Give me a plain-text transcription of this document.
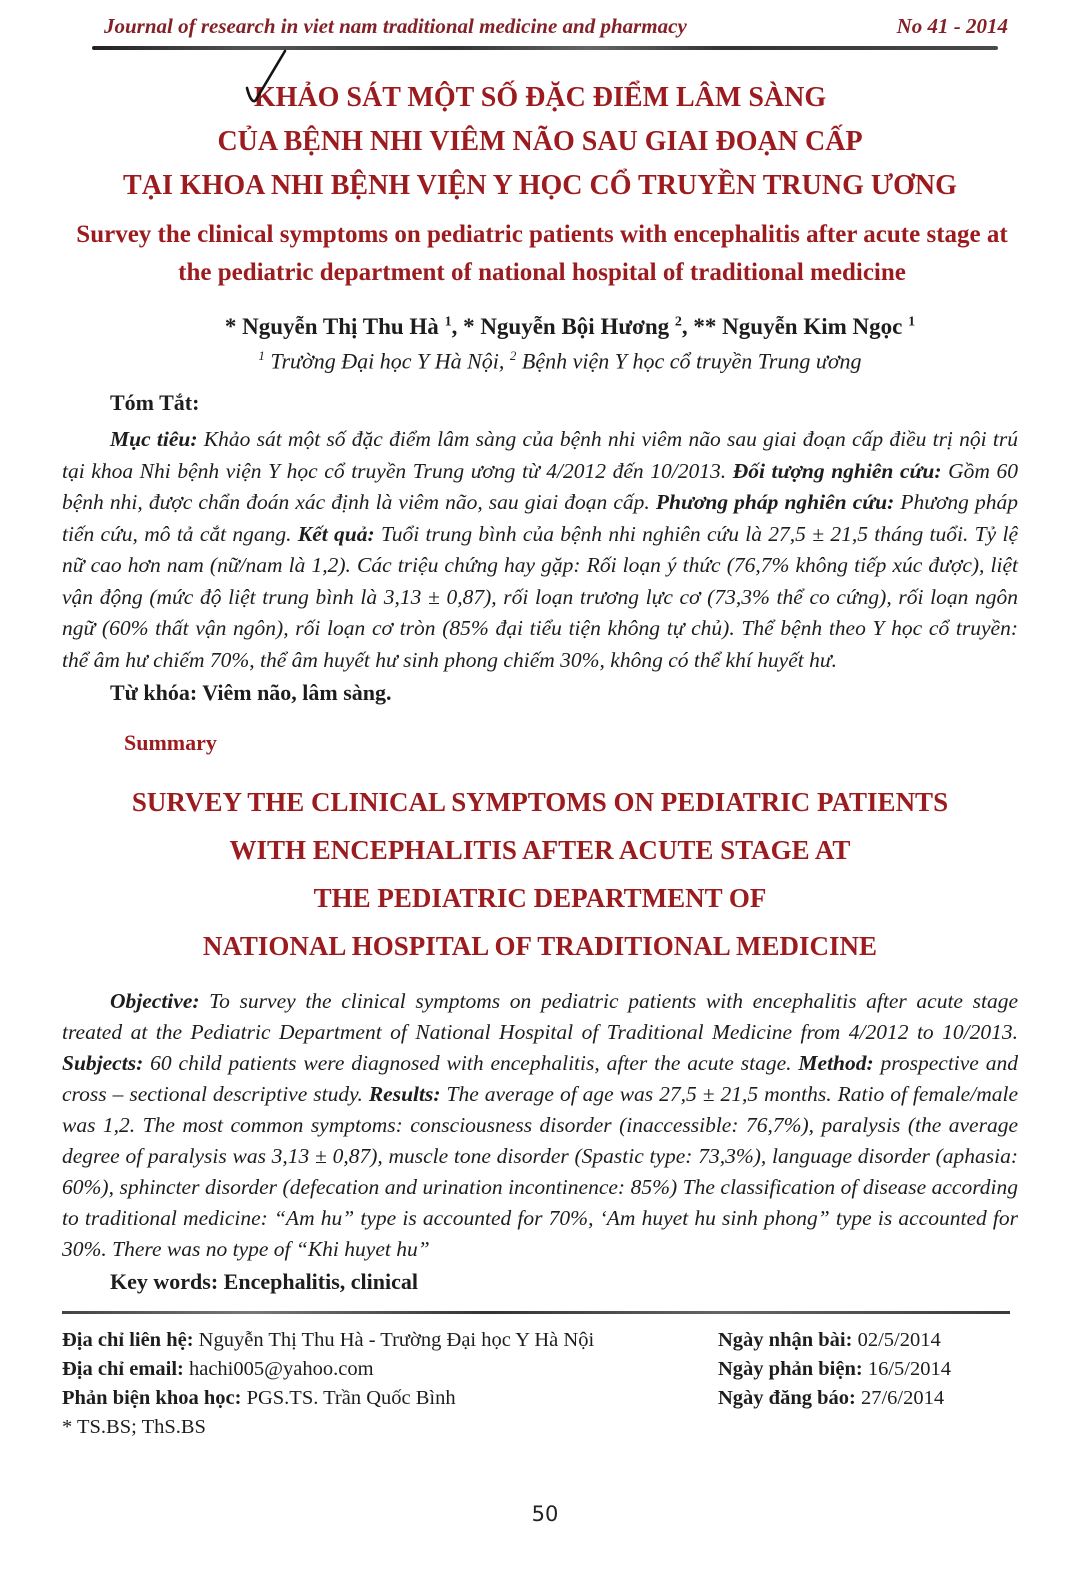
Journal of research in viet nam traditional medicine and pharmacy	No 41 - 2014
KHẢO SÁT MỘT SỐ ĐẶC ĐIỂM LÂM SÀNG
CỦA BỆNH NHI VIÊM NÃO SAU GIAI ĐOẠN CẤP
TẠI KHOA NHI BỆNH VIỆN Y HỌC CỔ TRUYỀN TRUNG ƯƠNG
Survey the clinical symptoms on pediatric patients with encephalitis after acute stage at the pediatric department of national hospital of traditional medicine
* Nguyễn Thị Thu Hà $^1$, * Nguyễn Bội Hương $^2$, ** Nguyễn Kim Ngọc $^1$
$^1$ Trường Đại học Y Hà Nội, $^2$ Bệnh viện Y học cổ truyền Trung ương
Tóm Tắt:

Mục tiêu: Khảo sát một số đặc điểm lâm sàng của bệnh nhi viêm não sau giai đoạn cấp điều trị nội trú tại khoa Nhi bệnh viện Y học cổ truyền Trung ương từ 4/2012 đến 10/2013. Đối tượng nghiên cứu: Gồm 60 bệnh nhi, được chẩn đoán xác định là viêm não, sau giai đoạn cấp. Phương pháp nghiên cứu: Phương pháp tiến cứu, mô tả cắt ngang. Kết quả: Tuổi trung bình của bệnh nhi nghiên cứu là 27,5 ± 21,5 tháng tuổi. Tỷ lệ nữ cao hơn nam (nữ/nam là 1,2). Các triệu chứng hay gặp: Rối loạn ý thức (76,7% không tiếp xúc được), liệt vận động (mức độ liệt trung bình là 3,13 ± 0,87), rối loạn trương lực cơ (73,3% thể co cứng), rối loạn ngôn ngữ (60% thất vận ngôn), rối loạn cơ tròn (85% đại tiểu tiện không tự chủ). Thể bệnh theo Y học cổ truyền: thể âm hư chiếm 70%, thể âm huyết hư sinh phong chiếm 30%, không có thể khí huyết hư.

Từ khóa: Viêm não, lâm sàng.
Summary
SURVEY THE CLINICAL SYMPTOMS ON PEDIATRIC PATIENTS
WITH ENCEPHALITIS AFTER ACUTE STAGE AT
THE PEDIATRIC DEPARTMENT OF
NATIONAL HOSPITAL OF TRADITIONAL MEDICINE

Objective: To survey the clinical symptoms on pediatric patients with encephalitis after acute stage treated at the Pediatric Department of National Hospital of Traditional Medicine from 4/2012 to 10/2013. Subjects: 60 child patients were diagnosed with encephalitis, after the acute stage. Method: prospective and cross – sectional descriptive study. Results: The average of age was 27,5 ± 21,5 months. Ratio of female/male was 1,2. The most common symptoms: consciousness disorder (inaccessible: 76,7%), paralysis (the average degree of paralysis was 3,13 ± 0,87), muscle tone disorder (Spastic type: 73,3%), language disorder (aphasia: 60%), sphincter disorder (defecation and urination incontinence: 85%) The classification of disease according to traditional medicine: “Am hu” type is accounted for 70%, ‘Am huyet hu sinh phong” type is accounted for 30%. There was no type of “Khi huyet hu”

Key words: Encephalitis, clinical
Địa chỉ liên hệ: Nguyễn Thị Thu Hà - Trường Đại học Y Hà Nội
Địa chỉ email: hachi005@yahoo.com
Phản biện khoa học: PGS.TS. Trần Quốc Bình
* TS.BS; ThS.BS
Ngày nhận bài: 02/5/2014
Ngày phản biện: 16/5/2014
Ngày đăng báo: 27/6/2014
50
